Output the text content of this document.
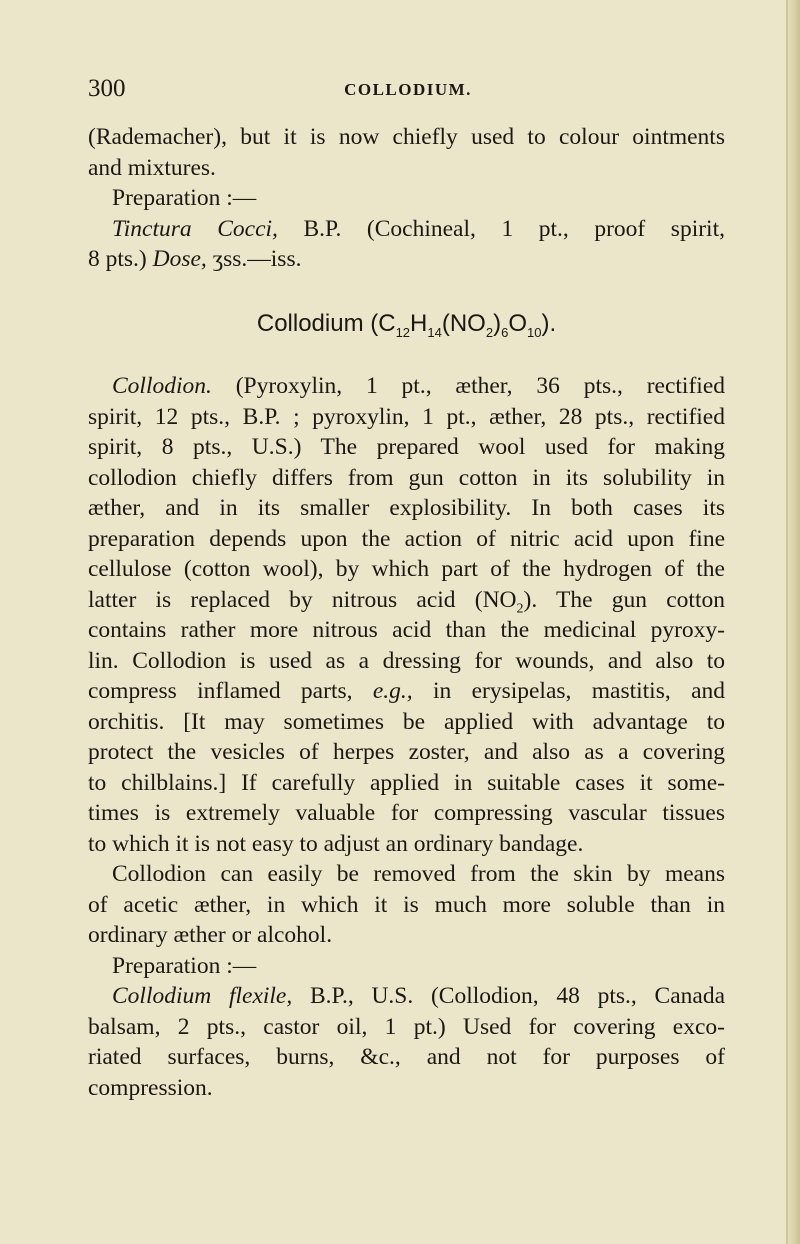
300	COLLODIUM.

(Rademacher), but it is now chiefly used to colour ointments

and mixtures.

Preparation :—

Tinctura Cocci, B.P. (Cochineal, 1 pt., proof spirit,

8 pts.) Dose, ʒss.—iss.

Collodium $(C_{12}H_{14}(NO_2)_6O_{10})$.

Collodion. (Pyroxylin, 1 pt., æther, 36 pts., rectified

spirit, 12 pts., B.P. ; pyroxylin, 1 pt., æther, 28 pts., rectified

spirit, 8 pts., U.S.) The prepared wool used for making

collodion chiefly differs from gun cotton in its solubility in

æther, and in its smaller explosibility. In both cases its

preparation depends upon the action of nitric acid upon fine

cellulose (cotton wool), by which part of the hydrogen of the

latter is replaced by nitrous acid $(NO_2)$. The gun cotton

contains rather more nitrous acid than the medicinal pyroxy-

lin. Collodion is used as a dressing for wounds, and also to

compress inflamed parts, e.g., in erysipelas, mastitis, and

orchitis. [It may sometimes be applied with advantage to

protect the vesicles of herpes zoster, and also as a covering

to chilblains.] If carefully applied in suitable cases it some-

times is extremely valuable for compressing vascular tissues

to which it is not easy to adjust an ordinary bandage.

Collodion can easily be removed from the skin by means

of acetic æther, in which it is much more soluble than in

ordinary æther or alcohol.

Preparation :—

Collodium flexile, B.P., U.S. (Collodion, 48 pts., Canada

balsam, 2 pts., castor oil, 1 pt.) Used for covering exco-

riated surfaces, burns, &c., and not for purposes of

compression.
